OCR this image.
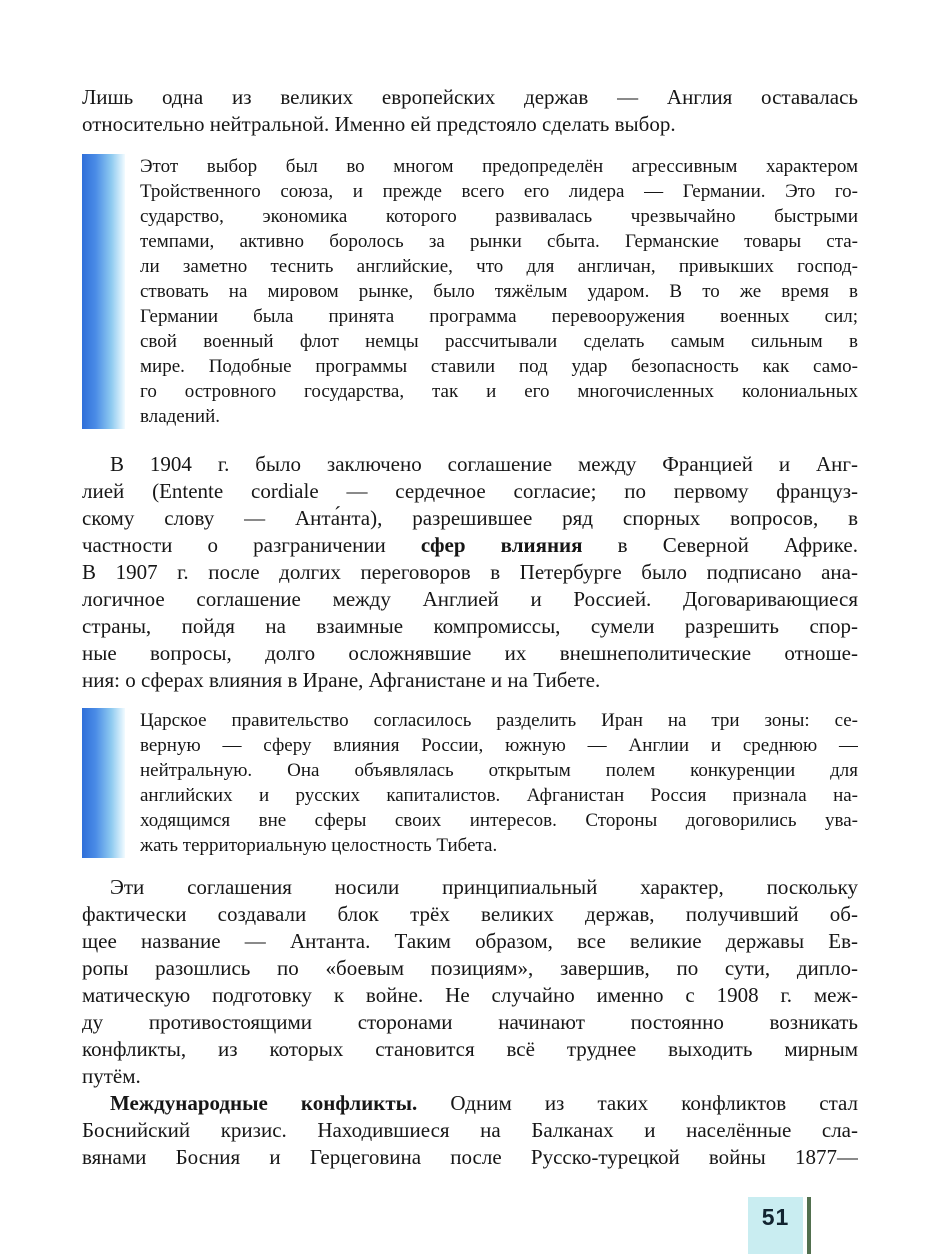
Лишь одна из великих европейских держав — Англия оставалась
относительно нейтральной. Именно ей предстояло сделать выбор.
Этот выбор был во многом предопределён агрессивным характером
Тройственного союза, и прежде всего его лидера — Германии. Это го-
сударство, экономика которого развивалась чрезвычайно быстрыми
темпами, активно боролось за рынки сбыта. Германские товары ста-
ли заметно теснить английские, что для англичан, привыкших господ-
ствовать на мировом рынке, было тяжёлым ударом. В то же время в
Германии была принята программа перевооружения военных сил;
свой военный флот немцы рассчитывали сделать самым сильным в
мире. Подобные программы ставили под удар безопасность как само-
го островного государства, так и его многочисленных колониальных
владений.
В 1904 г. было заключено соглашение между Францией и Анг-
лией (Entente cordiale — сердечное согласие; по первому француз-
скому слову — Анта́нта), разрешившее ряд спорных вопросов, в
частности о разграничении сфер влияния в Северной Африке.
В 1907 г. после долгих переговоров в Петербурге было подписано ана-
логичное соглашение между Англией и Россией. Договаривающиеся
страны, пойдя на взаимные компромиссы, сумели разрешить спор-
ные вопросы, долго осложнявшие их внешнеполитические отноше-
ния: о сферах влияния в Иране, Афганистане и на Тибете.
Царское правительство согласилось разделить Иран на три зоны: се-
верную — сферу влияния России, южную — Англии и среднюю —
нейтральную. Она объявлялась открытым полем конкуренции для
английских и русских капиталистов. Афганистан Россия признала на-
ходящимся вне сферы своих интересов. Стороны договорились ува-
жать территориальную целостность Тибета.
Эти соглашения носили принципиальный характер, поскольку
фактически создавали блок трёх великих держав, получивший об-
щее название — Антанта. Таким образом, все великие державы Ев-
ропы разошлись по «боевым позициям», завершив, по сути, дипло-
матическую подготовку к войне. Не случайно именно с 1908 г. меж-
ду противостоящими сторонами начинают постоянно возникать
конфликты, из которых становится всё труднее выходить мирным
путём.
Международные конфликты. Одним из таких конфликтов стал
Боснийский кризис. Находившиеся на Балканах и населённые сла-
вянами Босния и Герцеговина после Русско-турецкой войны 1877—
51
